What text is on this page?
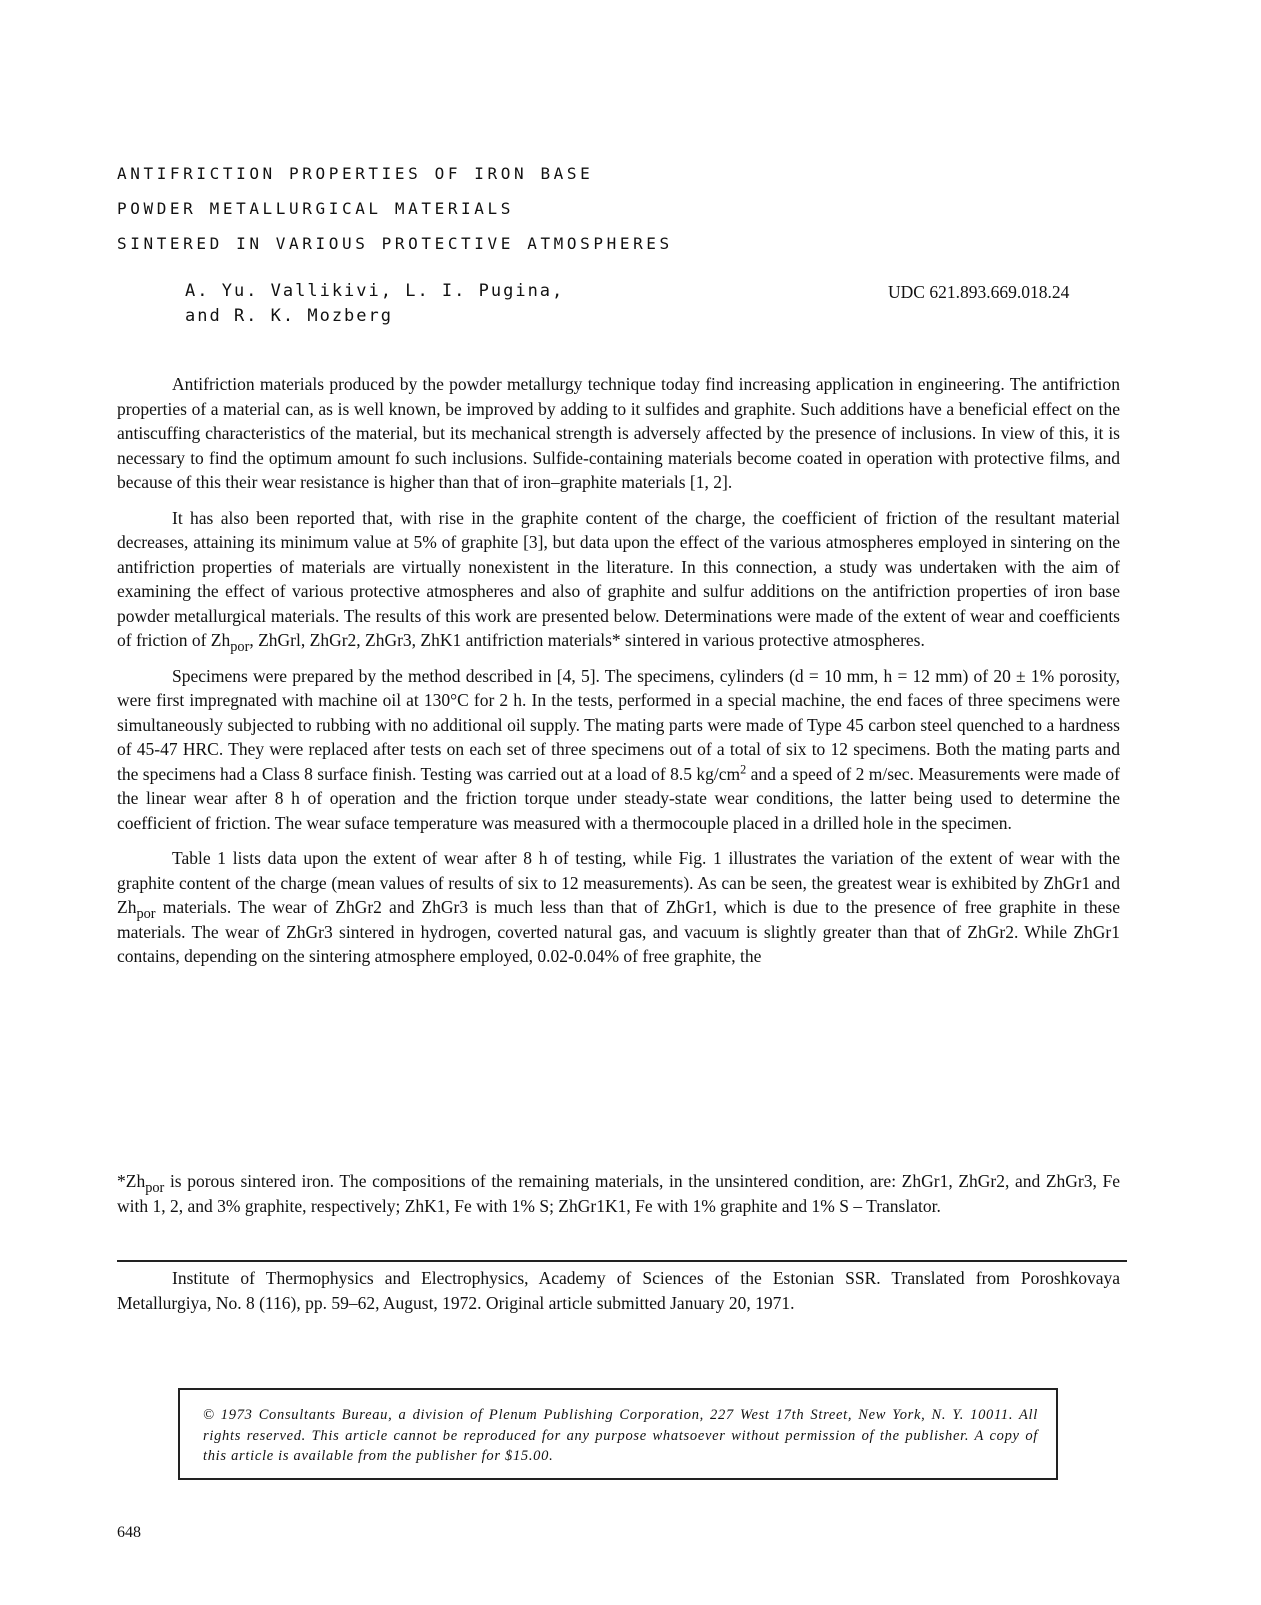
ANTIFRICTION PROPERTIES OF IRON BASE
POWDER METALLURGICAL MATERIALS
SINTERED IN VARIOUS PROTECTIVE ATMOSPHERES
A. Yu. Vallikivi, L. I. Pugina,
and R. K. Mozberg
UDC 621.893.669.018.24

Antifriction materials produced by the powder metallurgy technique today find increasing application in engineering. The antifriction properties of a material can, as is well known, be improved by adding to it sulfides and graphite. Such additions have a beneficial effect on the antiscuffing characteristics of the material, but its mechanical strength is adversely affected by the presence of inclusions. In view of this, it is necessary to find the optimum amount fo such inclusions. Sulfide-containing materials become coated in operation with protective films, and because of this their wear resistance is higher than that of iron–graphite materials [1, 2].

It has also been reported that, with rise in the graphite content of the charge, the coefficient of friction of the resultant material decreases, attaining its minimum value at 5% of graphite [3], but data upon the effect of the various atmospheres employed in sintering on the antifriction properties of materials are virtually nonexistent in the literature. In this connection, a study was undertaken with the aim of examining the effect of various protective atmospheres and also of graphite and sulfur additions on the antifriction properties of iron base powder metallurgical materials. The results of this work are presented below. Determinations were made of the extent of wear and coefficients of friction of $Zh_{por}$, ZhGrl, ZhGr2, ZhGr3, ZhK1 antifriction materials* sintered in various protective atmospheres.

Specimens were prepared by the method described in [4, 5]. The specimens, cylinders (d = 10 mm, h = 12 mm) of 20 ± 1% porosity, were first impregnated with machine oil at 130°C for 2 h. In the tests, performed in a special machine, the end faces of three specimens were simultaneously subjected to rubbing with no additional oil supply. The mating parts were made of Type 45 carbon steel quenched to a hardness of 45-47 HRC. They were replaced after tests on each set of three specimens out of a total of six to 12 specimens. Both the mating parts and the specimens had a Class 8 surface finish. Testing was carried out at a load of 8.5 $kg/cm^2$ and a speed of 2 m/sec. Measurements were made of the linear wear after 8 h of operation and the friction torque under steady-state wear conditions, the latter being used to determine the coefficient of friction. The wear suface temperature was measured with a thermocouple placed in a drilled hole in the specimen.

Table 1 lists data upon the extent of wear after 8 h of testing, while Fig. 1 illustrates the variation of the extent of wear with the graphite content of the charge (mean values of results of six to 12 measurements). As can be seen, the greatest wear is exhibited by ZhGr1 and $Zh_{por}$ materials. The wear of ZhGr2 and ZhGr3 is much less than that of ZhGr1, which is due to the presence of free graphite in these materials. The wear of ZhGr3 sintered in hydrogen, coverted natural gas, and vacuum is slightly greater than that of ZhGr2. While ZhGr1 contains, depending on the sintering atmosphere employed, 0.02-0.04% of free graphite, the

$*Zh_{por}$ is porous sintered iron. The compositions of the remaining materials, in the unsintered condition, are: ZhGr1, ZhGr2, and ZhGr3, Fe with 1, 2, and 3% graphite, respectively; ZhK1, Fe with 1% S; ZhGr1K1, Fe with 1% graphite and 1% S – Translator.
Institute of Thermophysics and Electrophysics, Academy of Sciences of the Estonian SSR. Translated from Poroshkovaya Metallurgiya, No. 8 (116), pp. 59–62, August, 1972. Original article submitted January 20, 1971.
© 1973 Consultants Bureau, a division of Plenum Publishing Corporation, 227 West 17th Street, New York, N. Y. 10011. All rights reserved. This article cannot be reproduced for any purpose whatsoever without permission of the publisher. A copy of this article is available from the publisher for $15.00.
648
